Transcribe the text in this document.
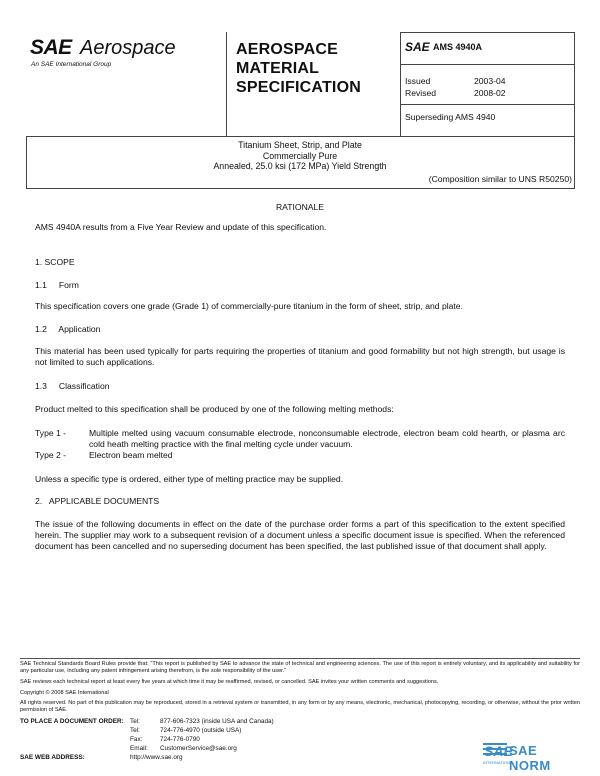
SAE Aerospace
An SAE International Group
AEROSPACE
MATERIAL
SPECIFICATION
SAE AMS 4940A
Issued	2003-04
Revised	2008-02
Superseding AMS 4940
Titanium Sheet, Strip, and Plate
Commercially Pure
Annealed, 25.0 ksi (172 MPa) Yield Strength
(Composition similar to UNS R50250)
RATIONALE
AMS 4940A results from a Five Year Review and update of this specification.
1. SCOPE
1.1     Form
This specification covers one grade (Grade 1) of commercially-pure titanium in the form of sheet, strip, and plate.
1.2     Application
This material has been used typically for parts requiring the properties of titanium and good formability but not high strength, but usage is not limited to such applications.
1.3     Classification
Product melted to this specification shall be produced by one of the following melting methods:
Type 1 -	Multiple melted using vacuum consumable electrode, nonconsumable electrode, electron beam cold hearth, or plasma arc cold heath melting practice with the final melting cycle under vacuum.
Type 2 -	Electron beam melted
Unless a specific type is ordered, either type of melting practice may be supplied.
2.   APPLICABLE DOCUMENTS
The issue of the following documents in effect on the date of the purchase order forms a part of this specification to the extent specified herein. The supplier may work to a subsequent revision of a document unless a specific document issue is specified. When the referenced document has been cancelled and no superseding document has been specified, the last published issue of that document shall apply.
SAE Technical Standards Board Rules provide that: "This report is published by SAE to advance the state of technical and engineering sciences. The use of this report is entirely voluntary, and its applicability and suitability for any particular use, including any patent infringement arising therefrom, is the sole responsibility of the user."
SAE reviews each technical report at least every five years at which time it may be reaffirmed, revised, or cancelled. SAE invites your written comments and suggestions.
Copyright © 2008 SAE International
All rights reserved. No part of this publication may be reproduced, stored in a retrieval system or transmitted, in any form or by any means, electronic, mechanical, photocopying, recording, or otherwise, without the prior written permission of SAE.
TO PLACE A DOCUMENT ORDER: Tel:	877-606-7323 (inside USA and Canada)
Tel:	724-776-4970 (outside USA)
Fax:	724-776-0790
Email: CustomerService@sae.org
SAE WEB ADDRESS:	http://www.sae.org	SAE
SAE NORM
INTERNATIONAL
